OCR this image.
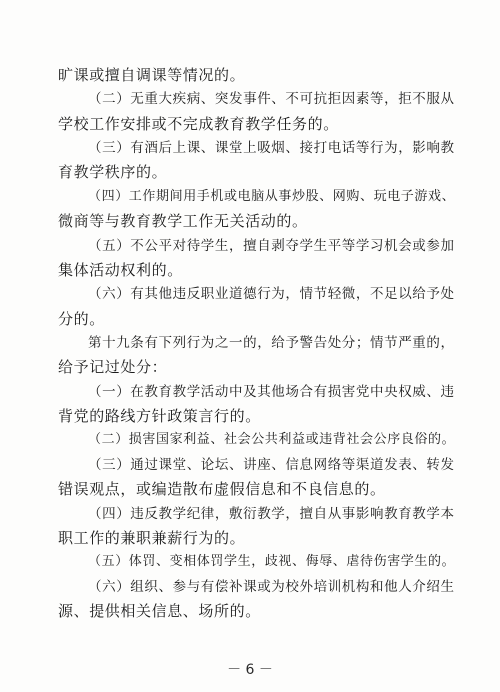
旷课或擅自调课等情况的。
（二）无重大疾病、突发事件、不可抗拒因素等，拒不服从
学校工作安排或不完成教育教学任务的。
（三）有酒后上课、课堂上吸烟、接打电话等行为，影响教
育教学秩序的。
（四）工作期间用手机或电脑从事炒股、网购、玩电子游戏、
微商等与教育教学工作无关活动的。
（五）不公平对待学生，擅自剥夺学生平等学习机会或参加
集体活动权利的。
（六）有其他违反职业道德行为，情节轻微，不足以给予处
分的。
第十九条有下列行为之一的，给予警告处分；情节严重的，
给予记过处分：
（一）在教育教学活动中及其他场合有损害党中央权威、违
背党的路线方针政策言行的。
（二）损害国家利益、社会公共利益或违背社会公序良俗的。
（三）通过课堂、论坛、讲座、信息网络等渠道发表、转发
错误观点，或编造散布虚假信息和不良信息的。
（四）违反教学纪律，敷衍教学，擅自从事影响教育教学本
职工作的兼职兼薪行为的。
（五）体罚、变相体罚学生，歧视、侮辱、虐待伤害学生的。
（六）组织、参与有偿补课或为校外培训机构和他人介绍生
源、提供相关信息、场所的。
－ 6 －
